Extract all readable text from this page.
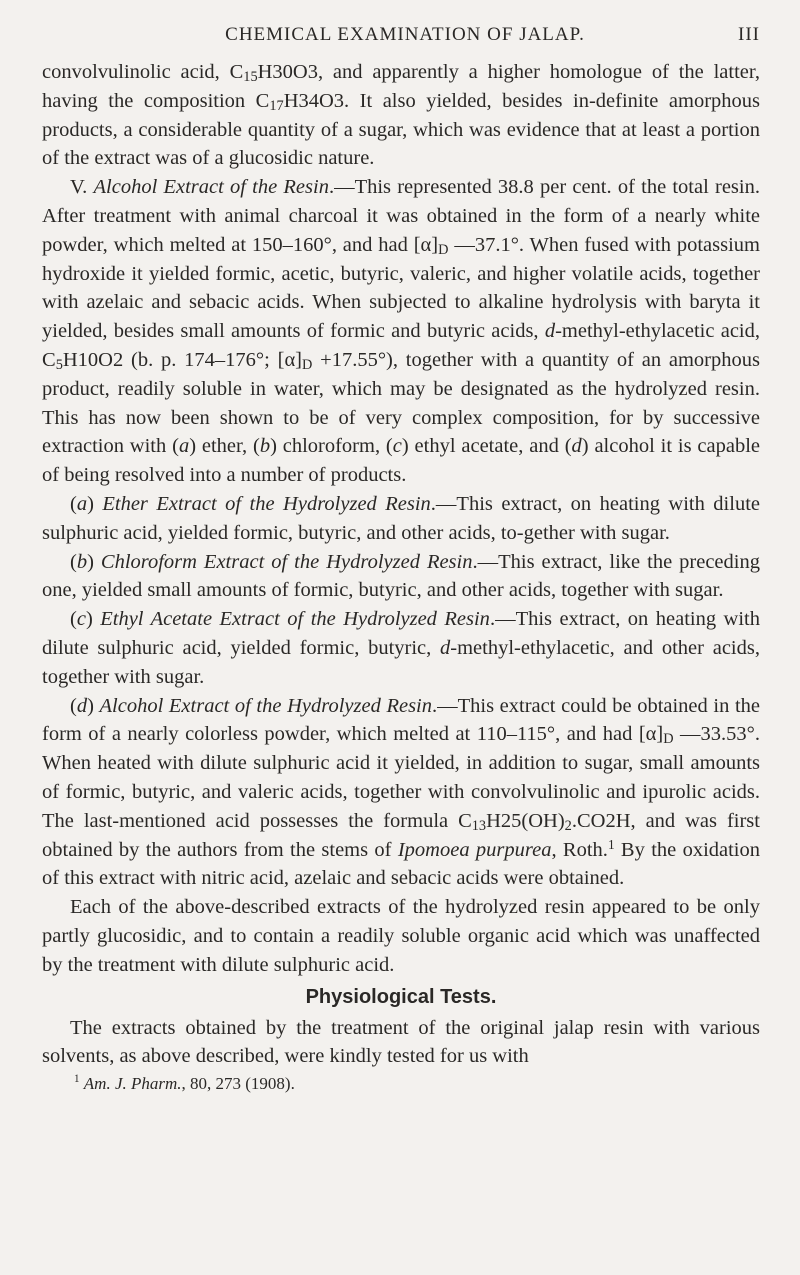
CHEMICAL EXAMINATION OF JALAP.	III

convolvulinolic acid, $C_{15}H30O3$, and apparently a higher homologue of the latter, having the composition $C_{17}H34O3$. It also yielded, besides in-definite amorphous products, a considerable quantity of a sugar, which was evidence that at least a portion of the extract was of a glucosidic nature.

V. Alcohol Extract of the Resin.—This represented 38.8 per cent. of the total resin. After treatment with animal charcoal it was obtained in the form of a nearly white powder, which melted at 150–160°, and had $[\alpha]_D$ —37.1°. When fused with potassium hydroxide it yielded formic, acetic, butyric, valeric, and higher volatile acids, together with azelaic and sebacic acids. When subjected to alkaline hydrolysis with baryta it yielded, besides small amounts of formic and butyric acids, d-methyl-ethylacetic acid, $C_5H10O2$ (b. p. 174–176°; $[\alpha]_D +17.55^\circ$), together with a quantity of an amorphous product, readily soluble in water, which may be designated as the hydrolyzed resin. This has now been shown to be of very complex composition, for by successive extraction with (a) ether, (b) chloroform, (c) ethyl acetate, and (d) alcohol it is capable of being resolved into a number of products.

(a) Ether Extract of the Hydrolyzed Resin.—This extract, on heating with dilute sulphuric acid, yielded formic, butyric, and other acids, to-gether with sugar.

(b) Chloroform Extract of the Hydrolyzed Resin.—This extract, like the preceding one, yielded small amounts of formic, butyric, and other acids, together with sugar.

(c) Ethyl Acetate Extract of the Hydrolyzed Resin.—This extract, on heating with dilute sulphuric acid, yielded formic, butyric, d-methyl-ethylacetic, and other acids, together with sugar.

(d) Alcohol Extract of the Hydrolyzed Resin.—This extract could be obtained in the form of a nearly colorless powder, which melted at 110–115°, and had $[\alpha]_D$ —33.53°. When heated with dilute sulphuric acid it yielded, in addition to sugar, small amounts of formic, butyric, and valeric acids, together with convolvulinolic and ipurolic acids. The last-mentioned acid possesses the formula $C_{13}H25(OH)_2.CO2H$, and was first obtained by the authors from the stems of Ipomoea purpurea, Roth.$^1$ By the oxidation of this extract with nitric acid, azelaic and sebacic acids were obtained.

Each of the above-described extracts of the hydrolyzed resin appeared to be only partly glucosidic, and to contain a readily soluble organic acid which was unaffected by the treatment with dilute sulphuric acid.

Physiological Tests.

The extracts obtained by the treatment of the original jalap resin with various solvents, as above described, were kindly tested for us with

$^1$ Am. J. Pharm., 80, 273 (1908).
